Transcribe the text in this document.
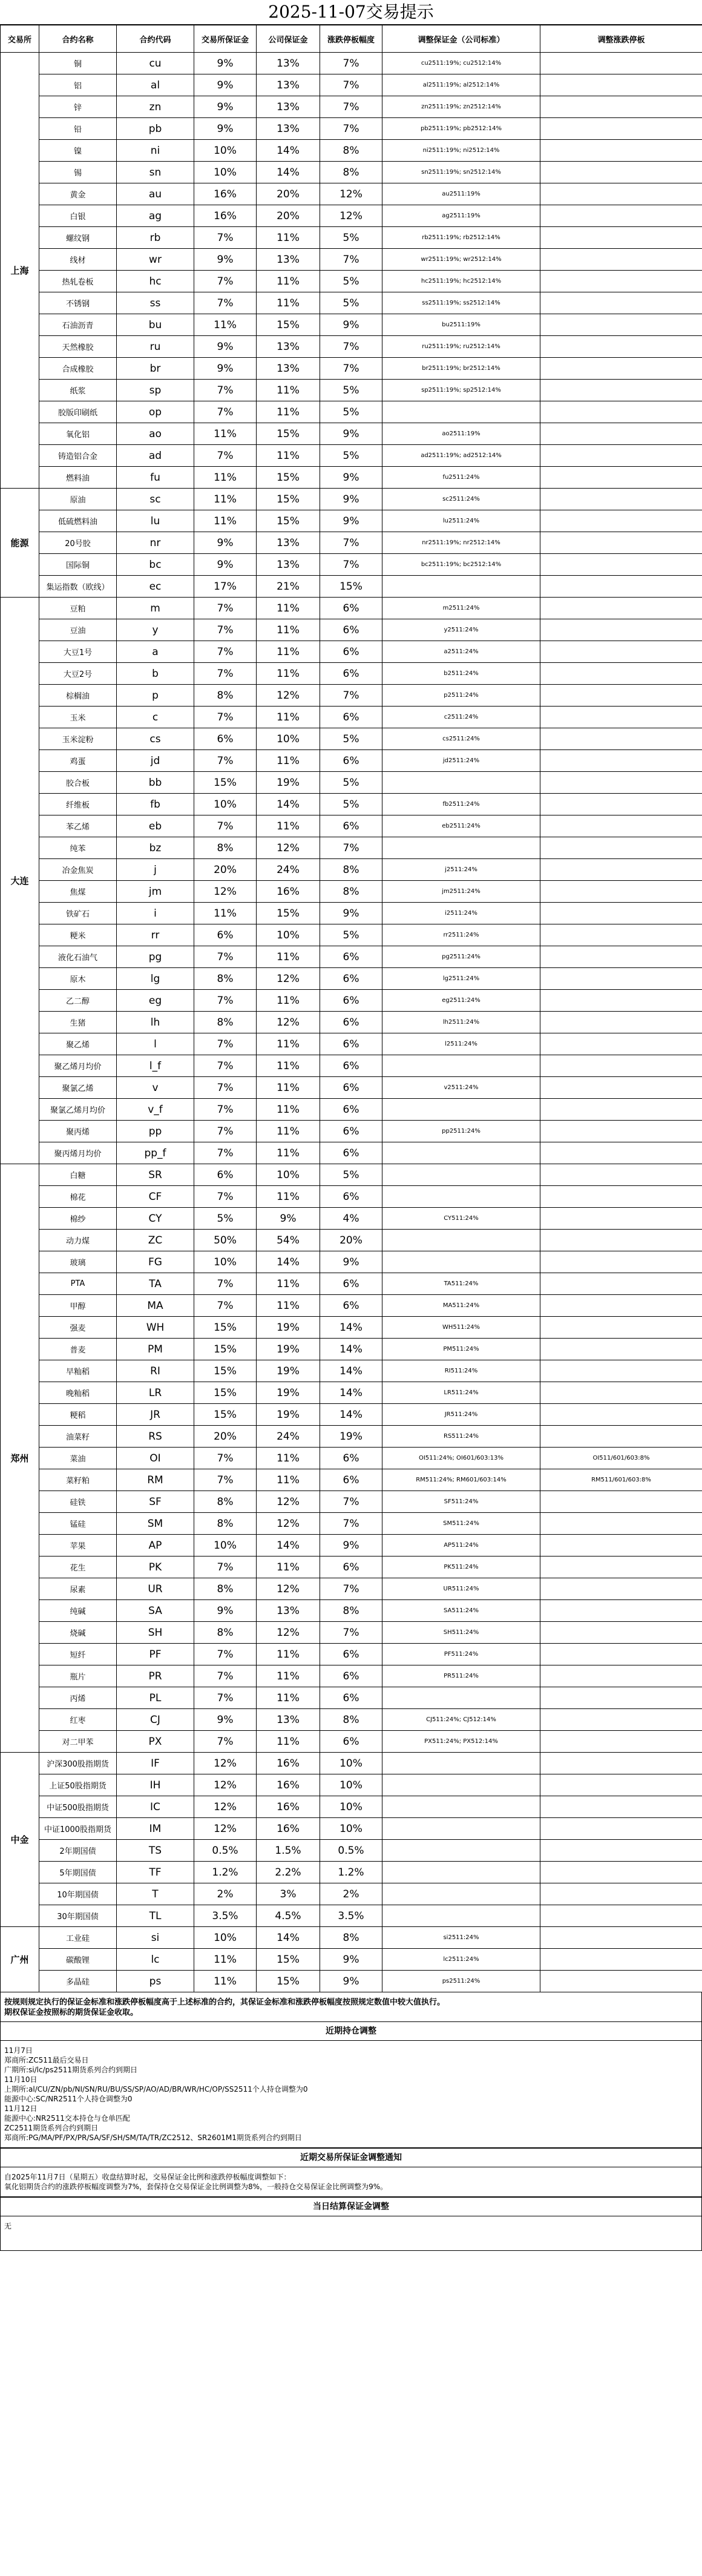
2025-11-07交易提示
交易所	合约名称	合约代码	交易所保证金	公司保证金	涨跌停板幅度	调整保证金（公司标准）	调整涨跌停板
上海	铜	cu	9%	13%	7%	cu2511:19%; cu2512:14%	
	铝	al	9%	13%	7%	al2511:19%; al2512:14%	
	锌	zn	9%	13%	7%	zn2511:19%; zn2512:14%	
	铅	pb	9%	13%	7%	pb2511:19%; pb2512:14%	
	镍	ni	10%	14%	8%	ni2511:19%; ni2512:14%	
	锡	sn	10%	14%	8%	sn2511:19%; sn2512:14%	
	黄金	au	16%	20%	12%	au2511:19%	
	白银	ag	16%	20%	12%	ag2511:19%	
	螺纹钢	rb	7%	11%	5%	rb2511:19%; rb2512:14%	
	线材	wr	9%	13%	7%	wr2511:19%; wr2512:14%	
	热轧卷板	hc	7%	11%	5%	hc2511:19%; hc2512:14%	
	不锈钢	ss	7%	11%	5%	ss2511:19%; ss2512:14%	
	石油沥青	bu	11%	15%	9%	bu2511:19%	
	天然橡胶	ru	9%	13%	7%	ru2511:19%; ru2512:14%	
	合成橡胶	br	9%	13%	7%	br2511:19%; br2512:14%	
	纸浆	sp	7%	11%	5%	sp2511:19%; sp2512:14%	
	胶版印刷纸	op	7%	11%	5%		
	氧化铝	ao	11%	15%	9%	ao2511:19%	
	铸造铝合金	ad	7%	11%	5%	ad2511:19%; ad2512:14%	
	燃料油	fu	11%	15%	9%	fu2511:24%	
能源	原油	sc	11%	15%	9%	sc2511:24%	
	低硫燃料油	lu	11%	15%	9%	lu2511:24%	
	20号胶	nr	9%	13%	7%	nr2511:19%; nr2512:14%	
	国际铜	bc	9%	13%	7%	bc2511:19%; bc2512:14%	
	集运指数（欧线）	ec	17%	21%	15%		
大连	豆粕	m	7%	11%	6%	m2511:24%	
	豆油	y	7%	11%	6%	y2511:24%	
	大豆1号	a	7%	11%	6%	a2511:24%	
	大豆2号	b	7%	11%	6%	b2511:24%	
	棕榈油	p	8%	12%	7%	p2511:24%	
	玉米	c	7%	11%	6%	c2511:24%	
	玉米淀粉	cs	6%	10%	5%	cs2511:24%	
	鸡蛋	jd	7%	11%	6%	jd2511:24%	
	胶合板	bb	15%	19%	5%		
	纤维板	fb	10%	14%	5%	fb2511:24%	
	苯乙烯	eb	7%	11%	6%	eb2511:24%	
	纯苯	bz	8%	12%	7%		
	冶金焦炭	j	20%	24%	8%	j2511:24%	
	焦煤	jm	12%	16%	8%	jm2511:24%	
	铁矿石	i	11%	15%	9%	i2511:24%	
	粳米	rr	6%	10%	5%	rr2511:24%	
	液化石油气	pg	7%	11%	6%	pg2511:24%	
	原木	lg	8%	12%	6%	lg2511:24%	
	乙二醇	eg	7%	11%	6%	eg2511:24%	
	生猪	lh	8%	12%	6%	lh2511:24%	
	聚乙烯	l	7%	11%	6%	l2511:24%	
	聚乙烯月均价	l_f	7%	11%	6%		
	聚氯乙烯	v	7%	11%	6%	v2511:24%	
	聚氯乙烯月均价	v_f	7%	11%	6%		
	聚丙烯	pp	7%	11%	6%	pp2511:24%	
	聚丙烯月均价	pp_f	7%	11%	6%		
郑州	白糖	SR	6%	10%	5%		
	棉花	CF	7%	11%	6%		
	棉纱	CY	5%	9%	4%	CY511:24%	
	动力煤	ZC	50%	54%	20%		
	玻璃	FG	10%	14%	9%		
	PTA	TA	7%	11%	6%	TA511:24%	
	甲醇	MA	7%	11%	6%	MA511:24%	
	强麦	WH	15%	19%	14%	WH511:24%	
	普麦	PM	15%	19%	14%	PM511:24%	
	早籼稻	RI	15%	19%	14%	RI511:24%	
	晚籼稻	LR	15%	19%	14%	LR511:24%	
	粳稻	JR	15%	19%	14%	JR511:24%	
	油菜籽	RS	20%	24%	19%	RS511:24%	
	菜油	OI	7%	11%	6%	OI511:24%; OI601/603:13%	OI511/601/603:8%
	菜籽粕	RM	7%	11%	6%	RM511:24%; RM601/603:14%	RM511/601/603:8%
	硅铁	SF	8%	12%	7%	SF511:24%	
	锰硅	SM	8%	12%	7%	SM511:24%	
	苹果	AP	10%	14%	9%	AP511:24%	
	花生	PK	7%	11%	6%	PK511:24%	
	尿素	UR	8%	12%	7%	UR511:24%	
	纯碱	SA	9%	13%	8%	SA511:24%	
	烧碱	SH	8%	12%	7%	SH511:24%	
	短纤	PF	7%	11%	6%	PF511:24%	
	瓶片	PR	7%	11%	6%	PR511:24%	
	丙烯	PL	7%	11%	6%		
	红枣	CJ	9%	13%	8%	CJ511:24%; CJ512:14%	
	对二甲苯	PX	7%	11%	6%	PX511:24%; PX512:14%	
中金	沪深300股指期货	IF	12%	16%	10%		
	上证50股指期货	IH	12%	16%	10%		
	中证500股指期货	IC	12%	16%	10%		
	中证1000股指期货	IM	12%	16%	10%		
	2年期国债	TS	0.5%	1.5%	0.5%		
	5年期国债	TF	1.2%	2.2%	1.2%		
	10年期国债	T	2%	3%	2%		
	30年期国债	TL	3.5%	4.5%	3.5%		
广州	工业硅	si	10%	14%	8%	si2511:24%	
	碳酸锂	lc	11%	15%	9%	lc2511:24%	
	多晶硅	ps	11%	15%	9%	ps2511:24%	
按规则规定执行的保证金标准和涨跌停板幅度高于上述标准的合约，其保证金标准和涨跌停板幅度按照规定数值中较大值执行。
期权保证金按照标的期货保证金收取。
近期持仓调整
11月7日
郑商所:ZC511最后交易日
广期所:si/lc/ps2511期货系列合约到期日
11月10日
上期所:al/CU/ZN/pb/NI/SN/RU/BU/SS/SP/AO/AD/BR/WR/HC/OP/SS2511个人持仓调整为0
能源中心:SC/NR2511个人持仓调整为0
11月12日
能源中心:NR2511交本持仓与仓单匹配
ZC2511期货系列合约到期日
郑商所:PG/MA/PF/PX/PR/SA/SF/SH/SM/TA/TR/ZC2512、SR2601M1期货系列合约到期日
近期交易所保证金调整通知
自2025年11月7日（星期五）收盘结算时起，交易保证金比例和涨跌停板幅度调整如下：
氧化铝期货合约的涨跌停板幅度调整为7%，套保持仓交易保证金比例调整为8%，一般持仓交易保证金比例调整为9%。
当日结算保证金调整
无
